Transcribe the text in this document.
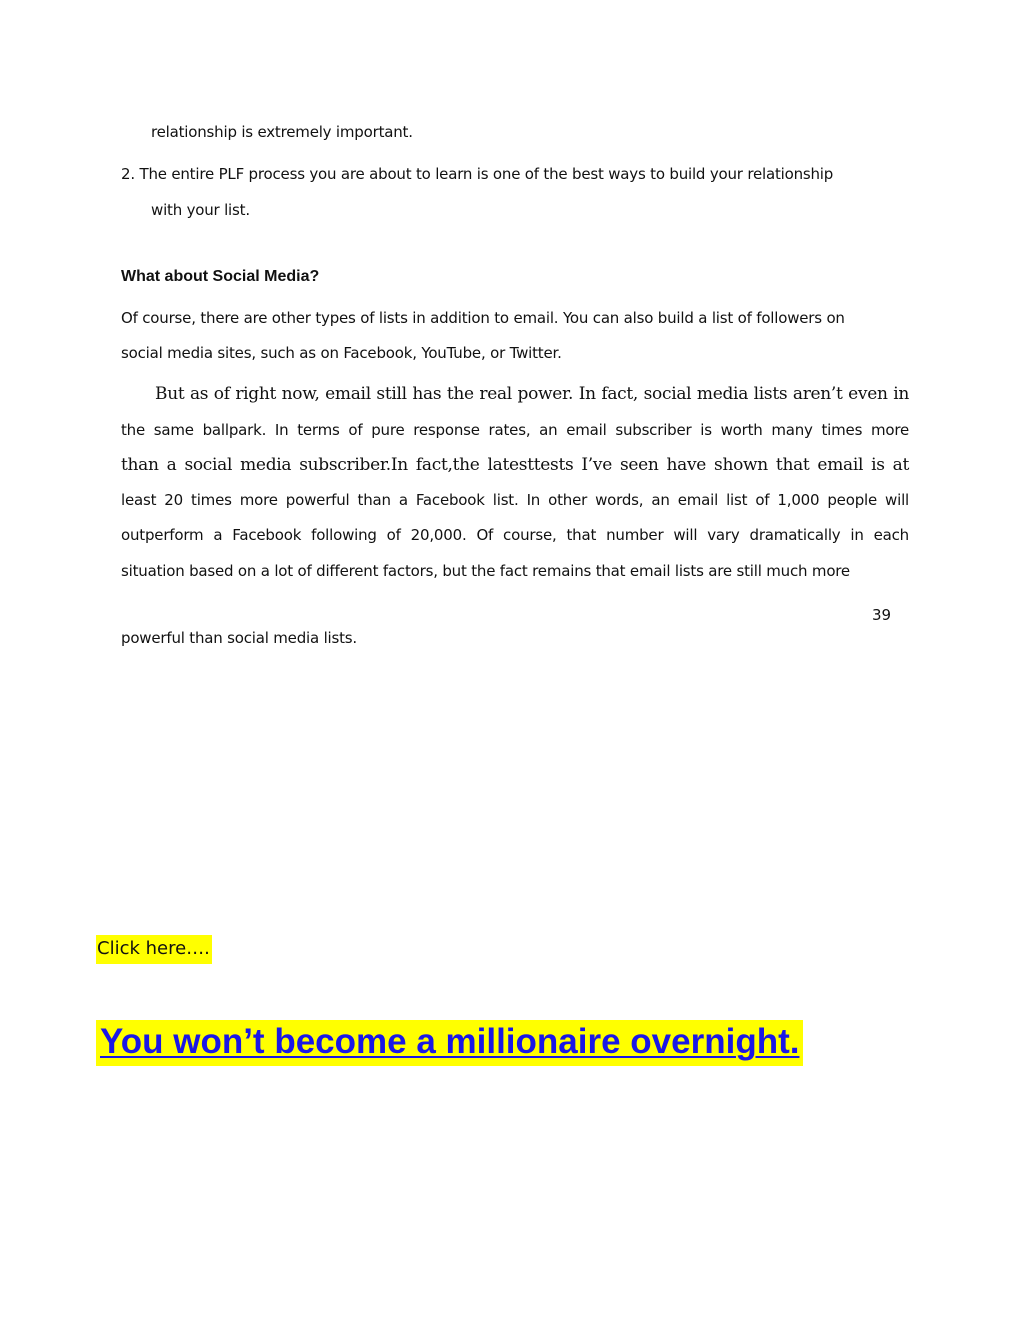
relationship is extremely important.
2. The entire PLF process you are about to learn is one of the best ways to build your relationship
with your list.
What about Social Media?
Of course, there are other types of lists in addition to email. You can also build a list of followers on
social media sites, such as on Facebook, YouTube, or Twitter.
But as of right now, email still has the real power. In fact, social media lists aren’t even in
the same ballpark. In terms of pure response rates, an email subscriber is worth many times more
than a social media subscriber.In fact,the latesttests I’ve seen have shown that email is at
least 20 times more powerful than a Facebook list. In other words, an email list of 1,000 people will
outperform a Facebook following of 20,000. Of course, that number will vary dramatically in each
situation based on a lot of different factors, but the fact remains that email lists are still much more
39
powerful than social media lists.
Click here….
You won’t become a millionaire overnight.
